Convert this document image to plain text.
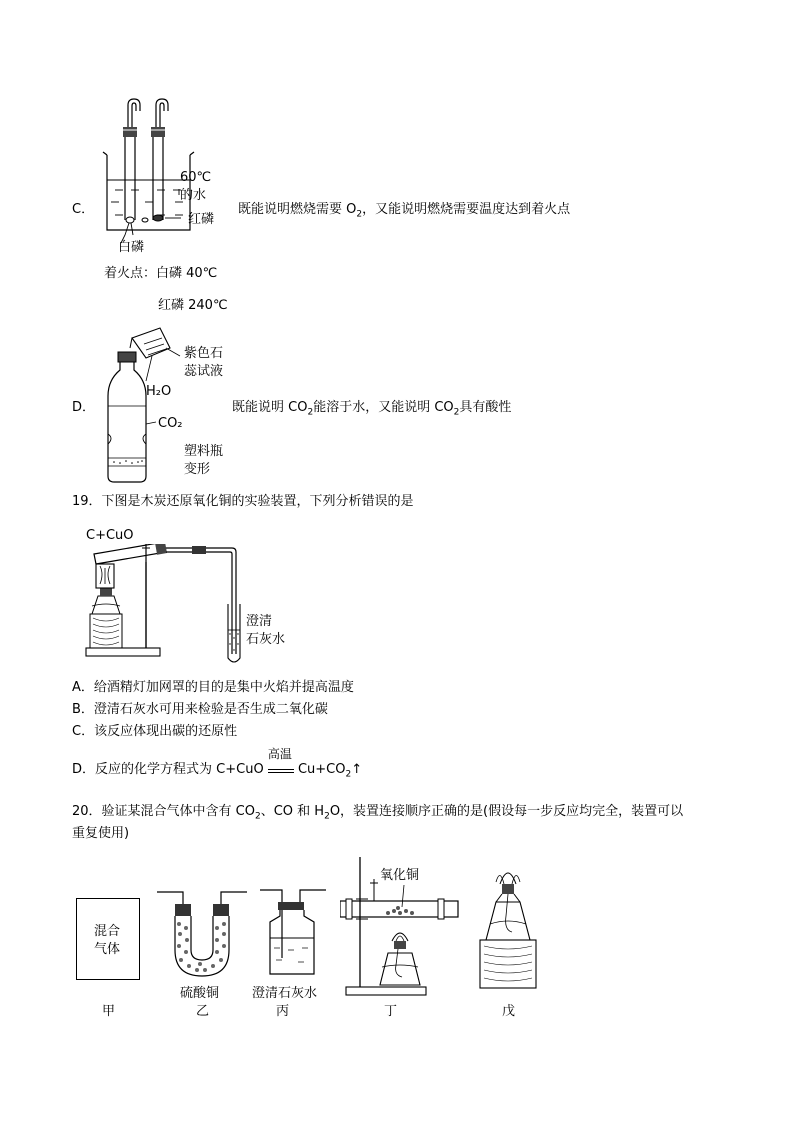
C．
60℃
的水
红磷
白磷
既能说明燃烧需要 $O_2$，又能说明燃烧需要温度达到着火点
着火点：白磷 40℃
红磷 240℃
D．
紫色石
蕊试液
H₂O
CO₂
塑料瓶
变形
既能说明 $CO_2$能溶于水，又能说明 $CO_2$具有酸性
19．下图是木炭还原氧化铜的实验装置，下列分析错误的是
C+CuO
澄清
石灰水
A．给酒精灯加网罩的目的是集中火焰并提高温度
B．澄清石灰水可用来检验是否生成二氧化碳
C．该反应体现出碳的还原性
D．反应的化学方程式为 C+CuO
高温
$Cu+CO_2↑$
20．验证某混合气体中含有 $CO_2$、CO 和 $H_2O$，装置连接顺序正确的是(假设每一步反应均完全，装置可以
重复使用)
混合
气体
硫酸铜	澄清石灰水
氧化铜
甲	乙	丙	丁	戊
